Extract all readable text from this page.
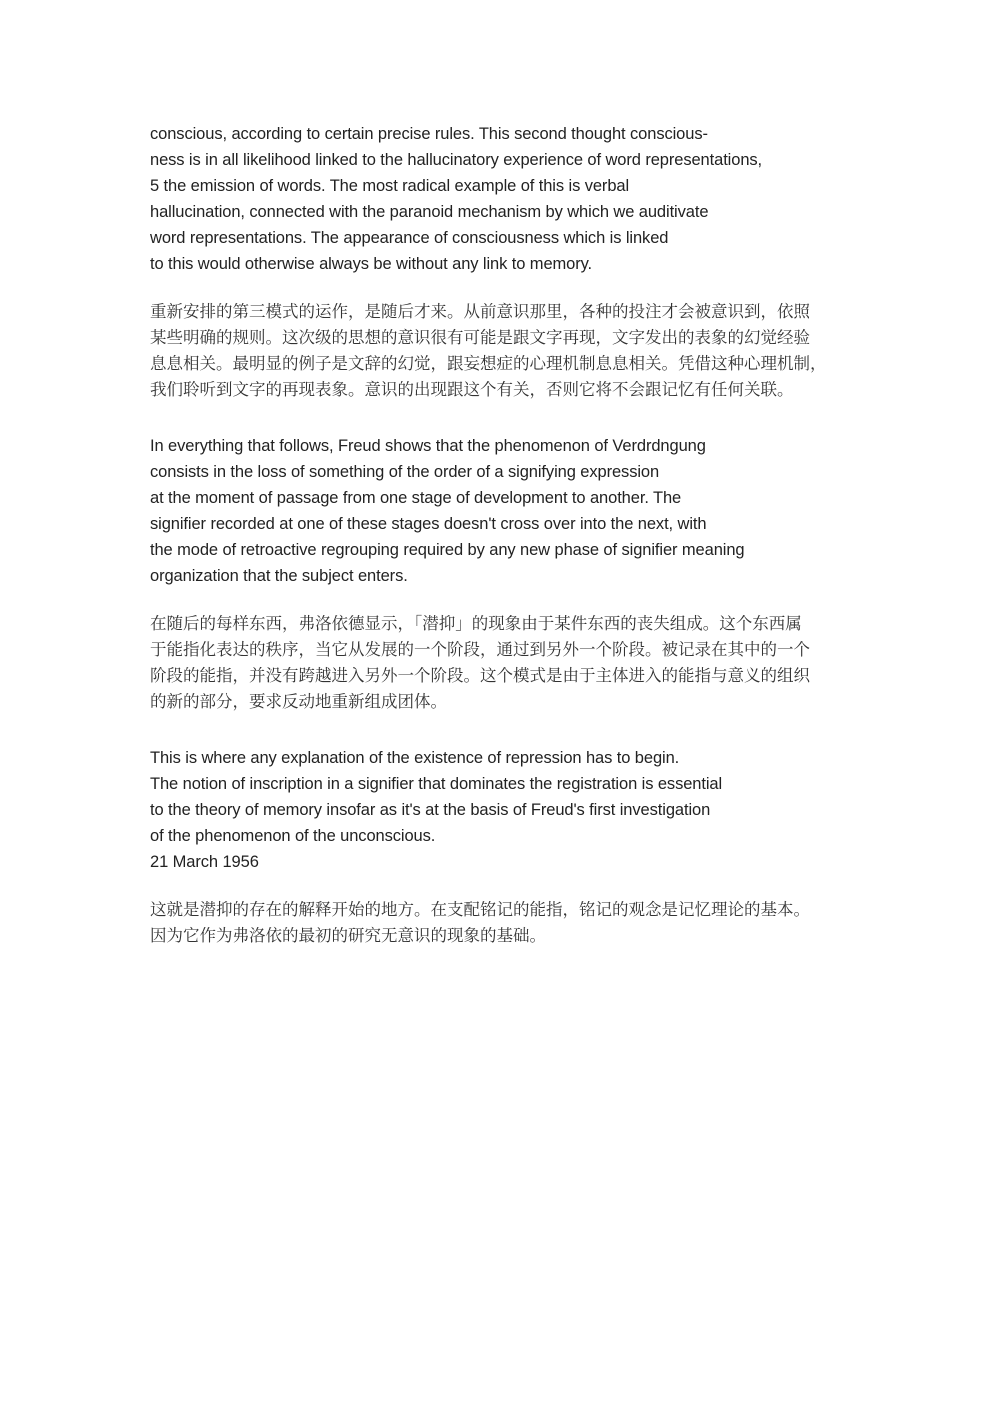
conscious, according to certain precise rules. This second thought conscious-
ness is in all likelihood linked to the hallucinatory experience of word representations,
5 the emission of words. The most radical example of this is verbal
hallucination, connected with the paranoid mechanism by which we auditivate
word representations. The appearance of consciousness which is linked
to this would otherwise always be without any link to memory.
重新安排的第三模式的运作，是随后才来。从前意识那里，各种的投注才会被意识到，依照
某些明确的规则。这次级的思想的意识很有可能是跟文字再现，文字发出的表象的幻觉经验
息息相关。最明显的例子是文辞的幻觉，跟妄想症的心理机制息息相关。凭借这种心理机制，
我们聆听到文字的再现表象。意识的出现跟这个有关，否则它将不会跟记忆有任何关联。
In everything that follows, Freud shows that the phenomenon of Verdrdngung
consists in the loss of something of the order of a signifying expression
at the moment of passage from one stage of development to another. The
signifier recorded at one of these stages doesn't cross over into the next, with
the mode of retroactive regrouping required by any new phase of signifier meaning
organization that the subject enters.
在随后的每样东西，弗洛依德显示，「潜抑」的现象由于某件东西的丧失组成。这个东西属
于能指化表达的秩序，当它从发展的一个阶段，通过到另外一个阶段。被记录在其中的一个
阶段的能指，并没有跨越进入另外一个阶段。这个模式是由于主体进入的能指与意义的组织
的新的部分，要求反动地重新组成团体。
This is where any explanation of the existence of repression has to begin.
The notion of inscription in a signifier that dominates the registration is essential
to the theory of memory insofar as it's at the basis of Freud's first investigation
of the phenomenon of the unconscious.
21 March 1956
这就是潜抑的存在的解释开始的地方。在支配铭记的能指，铭记的观念是记忆理论的基本。
因为它作为弗洛依的最初的研究无意识的现象的基础。
